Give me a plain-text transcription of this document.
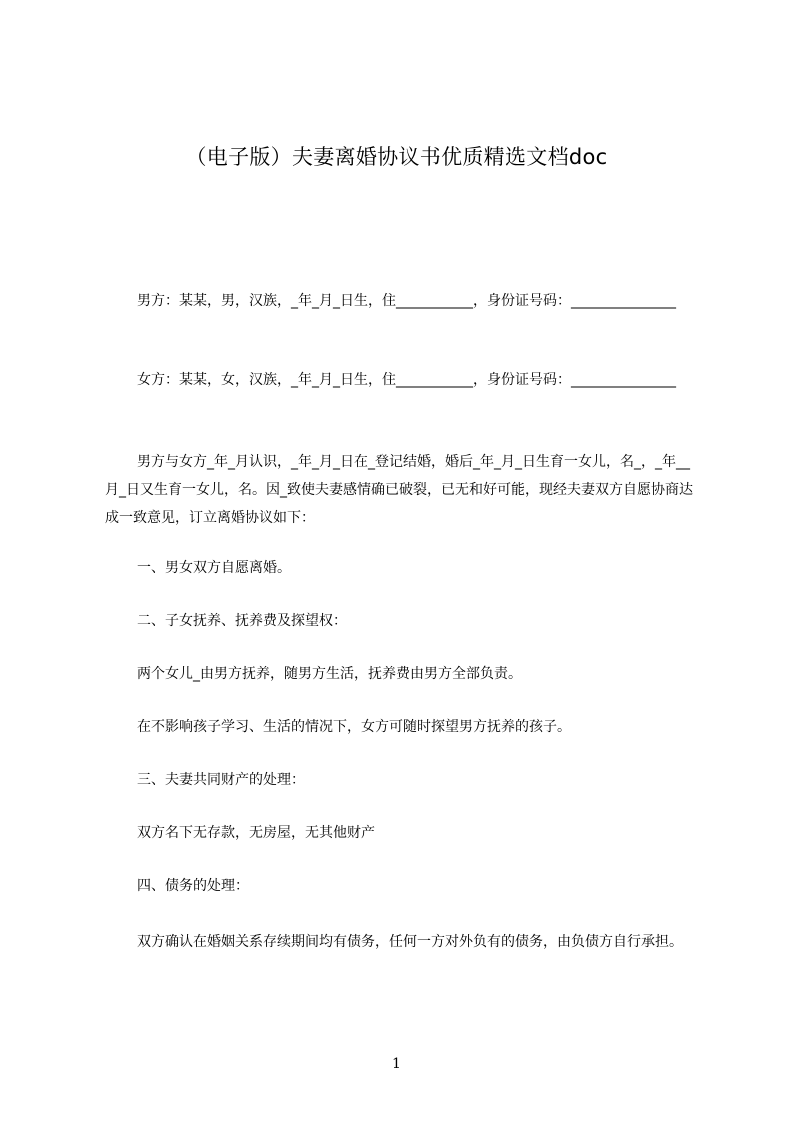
（电子版）夫妻离婚协议书优质精选文档doc

男方：某某，男，汉族，_年_月_日生，住___________，身份证号码：_______________

女方：某某，女，汉族，_年_月_日生，住___________，身份证号码：_______________

男方与女方_年_月认识，_年_月_日在_登记结婚，婚后_年_月_日生育一女儿，名_，_年__月_日又生育一女儿，名。因_致使夫妻感情确已破裂，已无和好可能，现经夫妻双方自愿协商达成一致意见，订立离婚协议如下：

一、男女双方自愿离婚。

二、子女抚养、抚养费及探望权：

两个女儿_由男方抚养，随男方生活，抚养费由男方全部负责。

在不影响孩子学习、生活的情况下，女方可随时探望男方抚养的孩子。

三、夫妻共同财产的处理：

双方名下无存款，无房屋，无其他财产

四、债务的处理：

双方确认在婚姻关系存续期间均有债务，任何一方对外负有的债务，由负债方自行承担。

1
